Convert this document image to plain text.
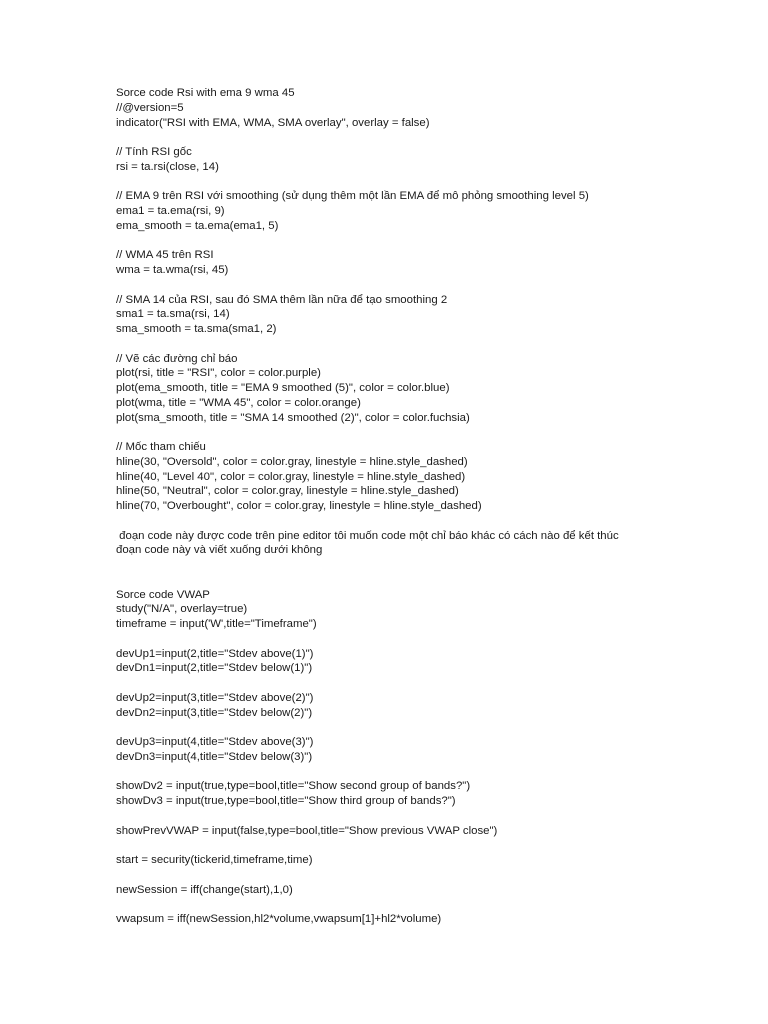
Sorce code Rsi with ema 9 wma 45
//@version=5
indicator("RSI with EMA, WMA, SMA overlay", overlay = false)
// Tính RSI gốc
rsi = ta.rsi(close, 14)
// EMA 9 trên RSI với smoothing (sử dụng thêm một lần EMA để mô phỏng smoothing level 5)
ema1 = ta.ema(rsi, 9)
ema_smooth = ta.ema(ema1, 5)
// WMA 45 trên RSI
wma = ta.wma(rsi, 45)
// SMA 14 của RSI, sau đó SMA thêm lần nữa để tạo smoothing 2
sma1 = ta.sma(rsi, 14)
sma_smooth = ta.sma(sma1, 2)
// Vẽ các đường chỉ báo
plot(rsi, title = "RSI", color = color.purple)
plot(ema_smooth, title = "EMA 9 smoothed (5)", color = color.blue)
plot(wma, title = "WMA 45", color = color.orange)
plot(sma_smooth, title = "SMA 14 smoothed (2)", color = color.fuchsia)
// Mốc tham chiếu
hline(30, "Oversold", color = color.gray, linestyle = hline.style_dashed)
hline(40, "Level 40", color = color.gray, linestyle = hline.style_dashed)
hline(50, "Neutral", color = color.gray, linestyle = hline.style_dashed)
hline(70, "Overbought", color = color.gray, linestyle = hline.style_dashed)
đoạn code này được code trên pine editor tôi muốn code một chỉ báo khác có cách nào để kết thúc
đoạn code này và viết xuống dưới không
Sorce code VWAP
study("N/A", overlay=true)
timeframe = input('W',title="Timeframe")
devUp1=input(2,title="Stdev above(1)")
devDn1=input(2,title="Stdev below(1)")
devUp2=input(3,title="Stdev above(2)")
devDn2=input(3,title="Stdev below(2)")
devUp3=input(4,title="Stdev above(3)")
devDn3=input(4,title="Stdev below(3)")
showDv2 = input(true,type=bool,title="Show second group of bands?")
showDv3 = input(true,type=bool,title="Show third group of bands?")
showPrevVWAP = input(false,type=bool,title="Show previous VWAP close")
start = security(tickerid,timeframe,time)
newSession = iff(change(start),1,0)
vwapsum = iff(newSession,hl2*volume,vwapsum[1]+hl2*volume)
